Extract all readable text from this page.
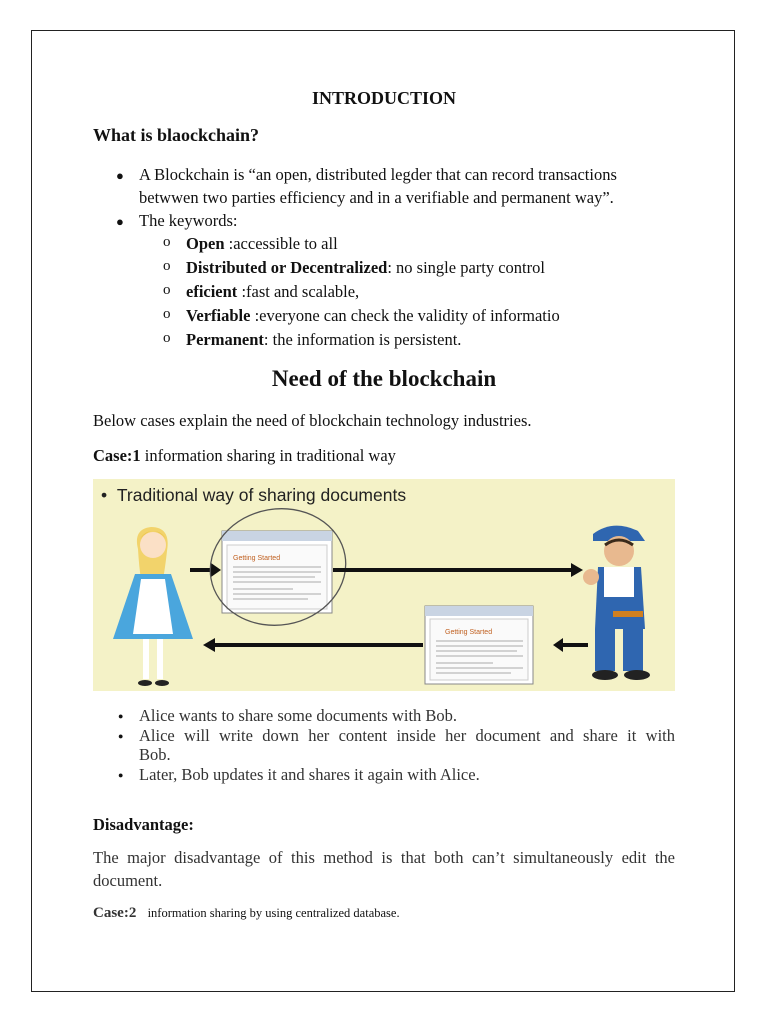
INTRODUCTION
What is blaockchain?
● A Blockchain is “an open, distributed legder that can record transactions
betwwen two parties efficiency and in a verifiable and permanent way”.
● The keywords:
o Open :accessible to all
o Distributed or Decentralized: no single party control
o eficient :fast and scalable,
o Verfiable :everyone can check the validity of informatio
o Permanent: the information is persistent.
Need of the blockchain
Below cases explain the need of blockchain technology industries.
Case:1 information sharing in traditional way
•  Traditional way of sharing documents
Getting Started
Getting Started
● Alice wants to share some documents with Bob.
● Alice will write down her content inside her document and share it with
Bob.
● Later, Bob updates it and shares it again with Alice.
Disadvantage:
The major disadvantage of this method is that both can’t simultaneously edit the
document.
Case:2 information sharing by using centralized database.
